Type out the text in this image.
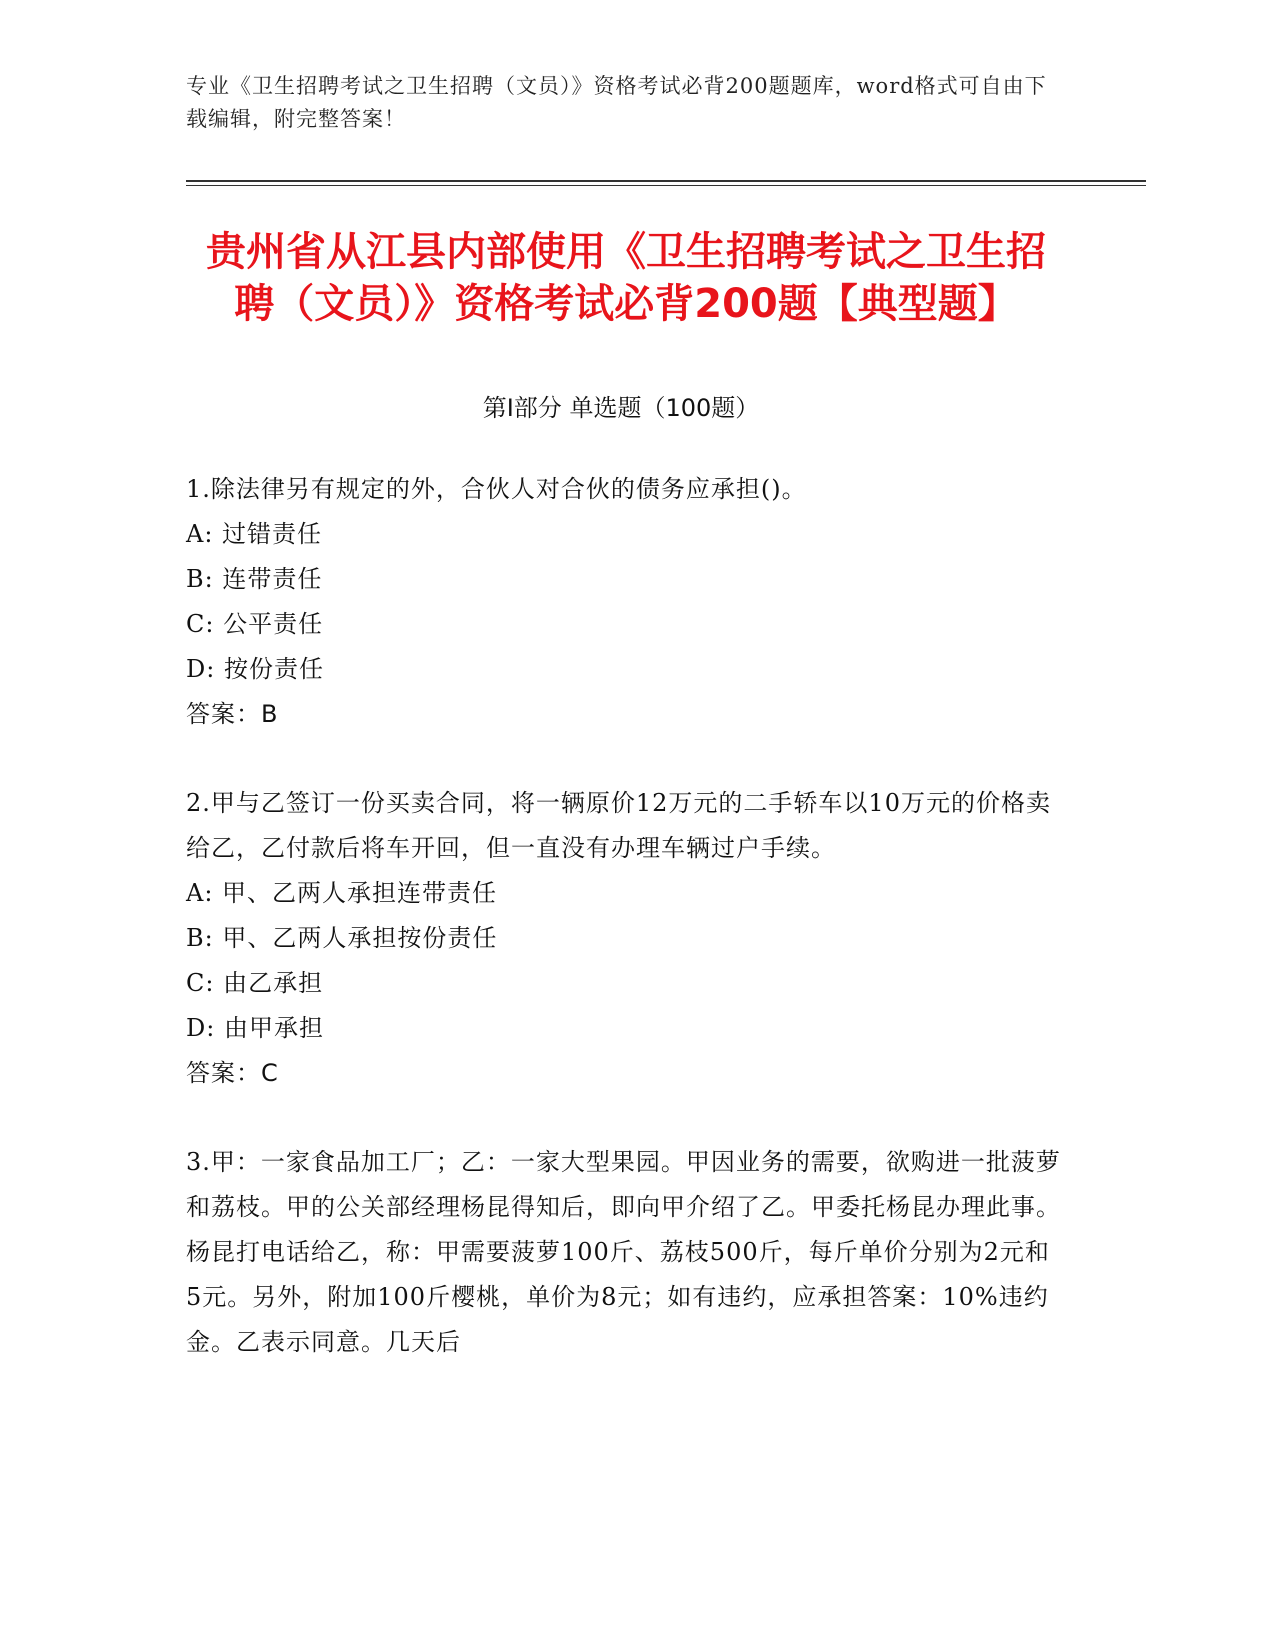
专业《卫生招聘考试之卫生招聘（文员）》资格考试必背200题题库，word格式可自由下载编辑，附完整答案！
贵州省从江县内部使用《卫生招聘考试之卫生招聘（文员）》资格考试必背200题【典型题】
第Ⅰ部分 单选题（100题）

1.除法律另有规定的外，合伙人对合伙的债务应承担()。

A: 过错责任

B: 连带责任

C: 公平责任

D: 按份责任

答案：B

2.甲与乙签订一份买卖合同，将一辆原价12万元的二手轿车以10万元的价格卖给乙，乙付款后将车开回，但一直没有办理车辆过户手续。

A: 甲、乙两人承担连带责任

B: 甲、乙两人承担按份责任

C: 由乙承担

D: 由甲承担

答案：C

3.甲：一家食品加工厂；乙：一家大型果园。甲因业务的需要，欲购进一批菠萝和荔枝。甲的公关部经理杨昆得知后，即向甲介绍了乙。甲委托杨昆办理此事。杨昆打电话给乙，称：甲需要菠萝100斤、荔枝500斤，每斤单价分别为2元和5元。另外，附加100斤樱桃，单价为8元；如有违约，应承担答案：10%违约金。乙表示同意。几天后
